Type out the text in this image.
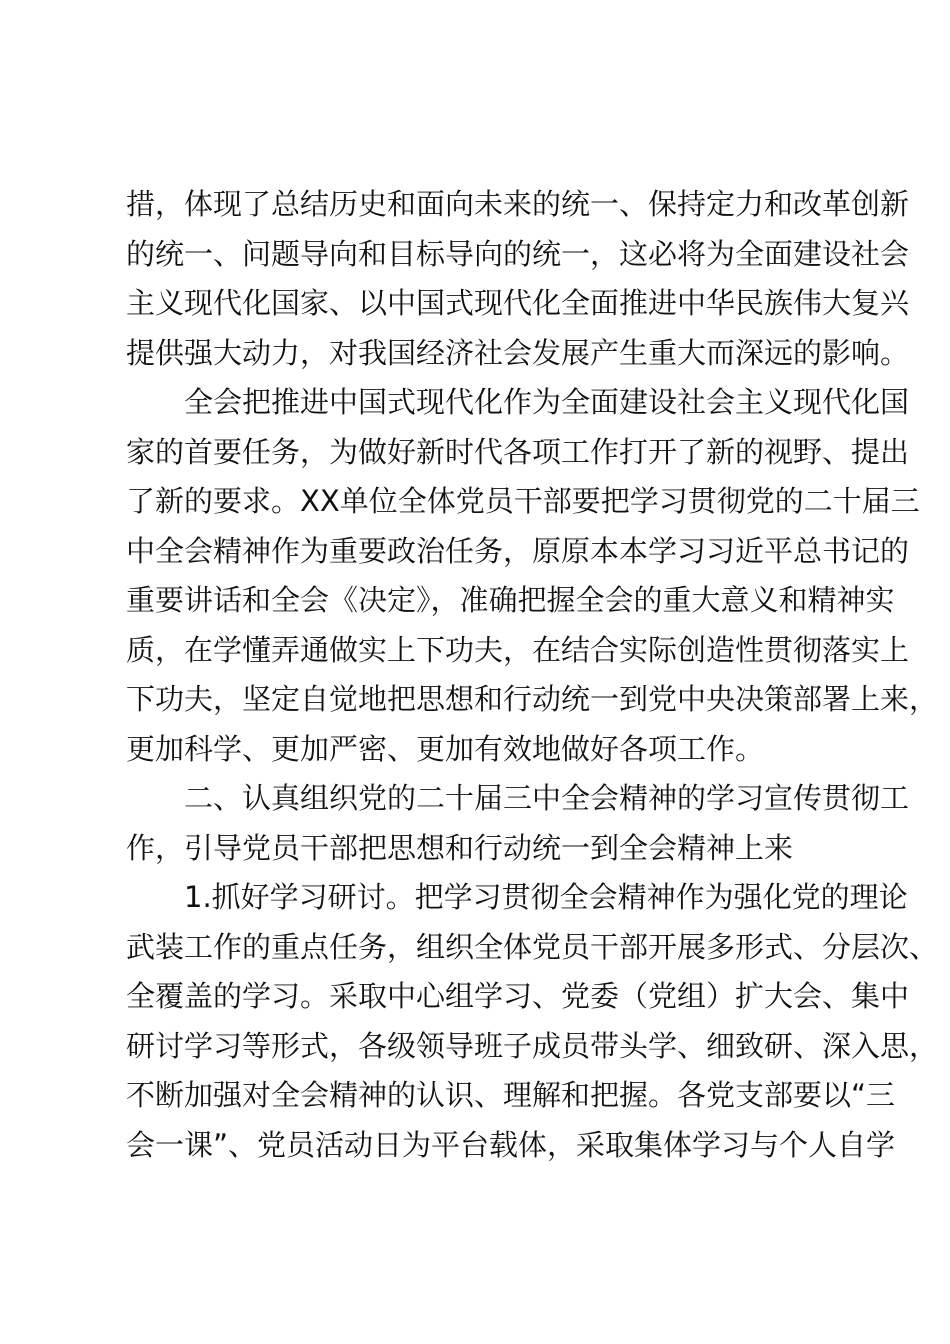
措，体现了总结历史和面向未来的统一、保持定力和改革创新
的统一、问题导向和目标导向的统一，这必将为全面建设社会
主义现代化国家、以中国式现代化全面推进中华民族伟大复兴
提供强大动力，对我国经济社会发展产生重大而深远的影响。
全会把推进中国式现代化作为全面建设社会主义现代化国
家的首要任务，为做好新时代各项工作打开了新的视野、提出
了新的要求。XX单位全体党员干部要把学习贯彻党的二十届三
中全会精神作为重要政治任务，原原本本学习习近平总书记的
重要讲话和全会《决定》，准确把握全会的重大意义和精神实
质，在学懂弄通做实上下功夫，在结合实际创造性贯彻落实上
下功夫，坚定自觉地把思想和行动统一到党中央决策部署上来，
更加科学、更加严密、更加有效地做好各项工作。
二、认真组织党的二十届三中全会精神的学习宣传贯彻工
作，引导党员干部把思想和行动统一到全会精神上来
1.抓好学习研讨。把学习贯彻全会精神作为强化党的理论
武装工作的重点任务，组织全体党员干部开展多形式、分层次、
全覆盖的学习。采取中心组学习、党委（党组）扩大会、集中
研讨学习等形式，各级领导班子成员带头学、细致研、深入思，
不断加强对全会精神的认识、理解和把握。各党支部要以“三
会一课”、党员活动日为平台载体，采取集体学习与个人自学
